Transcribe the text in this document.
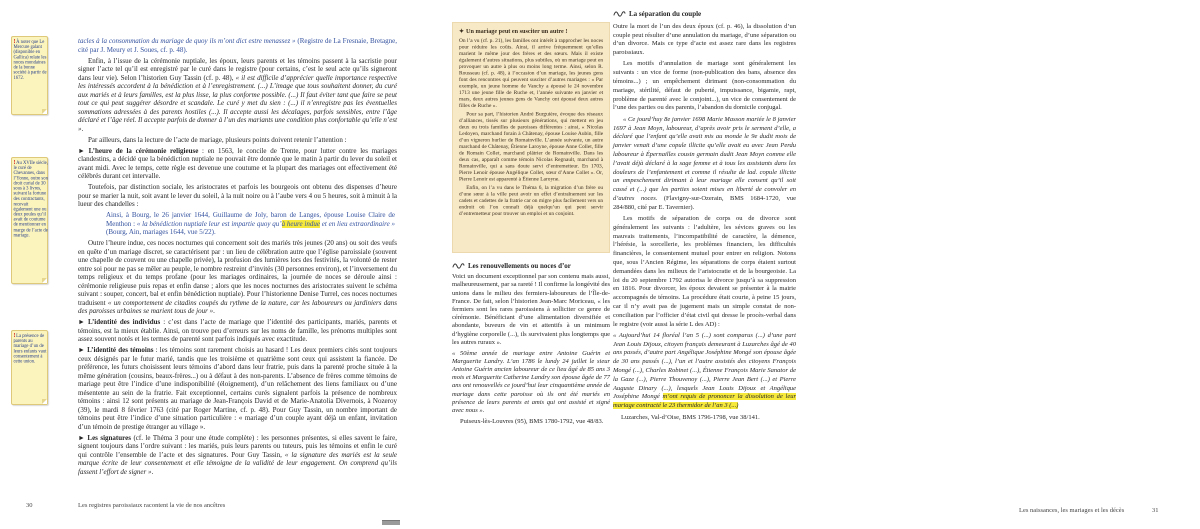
!À noter que Le Mercure galant (disponible en Gallica) relate les noces mondaines de la bonne société à partir de 1672.
!Au XVIIe siècle, le curé de Chevannes, dans l’Yonne, outre son droit curial de 30 sous à 3 livres, suivant la fortune des contractants, recevait également une ou deux poules qu’il avait de coutume de mentionner en marge de l’acte de mariage.
!La présence de parents au mariage d’un de leurs enfants vaut consentement à cette union.
tacles à la consommation du mariage de quoy ils m’ont dict estre menassez » (Registre de La Fresnaie, Bretagne, cité par J. Meury et J. Soues, cf. p. 48).
Enfin, à l’issue de la cérémonie nuptiale, les époux, leurs parents et les témoins passent à la sacristie pour signer l’acte tel qu’il est enregistré par le curé dans le registre (pour certains, c’est le seul acte qu’ils signeront dans leur vie). Selon l’historien Guy Tassin (cf. p. 48), « il est difficile d’apprécier quelle importance respective les intéressés accordent à la bénédiction et à l’enregistrement. (...) L’image que tous souhaitent donner, du curé aux mariés et à leurs familles, est la plus lisse, la plus conforme possible. (...) Il faut éviter tant que faire se peut tout ce qui peut suggérer désordre et scandale. Le curé y met du sien : (...) il n’enregistre pas les éventuelles sommations adressées à des parents hostiles (...). Il accepte aussi les décalages, parfois sensibles, entre l’âge déclaré et l’âge réel. Il accepte parfois de donner à l’un des mariants une condition plus confortable qu’elle n’est ».
Par ailleurs, dans la lecture de l’acte de mariage, plusieurs points doivent retenir l’attention :
► L’heure de la cérémonie religieuse : en 1563, le concile de Trente, pour lutter contre les mariages clandestins, a décidé que la bénédiction nuptiale ne pouvait être donnée que le matin à partir du lever du soleil et avant midi. Avec le temps, cette règle est devenue une coutume et la plupart des mariages ont effectivement été célébrés durant cet intervalle.
Toutefois, par distinction sociale, les aristocrates et parfois les bourgeois ont obtenu des dispenses d’heure pour se marier la nuit, soit avant le lever du soleil, à la nuit noire ou à l’aube vers 4 ou 5 heures, soit à minuit à la lueur des chandelles :
Ainsi, à Bourg, le 26 janvier 1644, Guillaume de Joly, baron de Langes, épouse Louise Claire de Menthon : « la bénédiction nuptiale leur est impartie quoy qu’à heure indue et en lieu extraordinaire » (Bourg, Ain, mariages 1644, vue 5/22).
Outre l’heure indue, ces noces nocturnes qui concernent soit des mariés très jeunes (20 ans) ou soit des veufs en quête d’un mariage discret, se caractérisent par : un lieu de célébration autre que l’église paroissiale (souvent une chapelle de couvent ou une chapelle privée), la profusion des lumières lors des festivités, la volonté de rester entre soi pour ne pas se mêler au peuple, le nombre restreint d’invités (30 personnes environ), et l’inversement du temps religieux et du temps profane (pour les mariages ordinaires, la journée de noces se déroule ainsi : cérémonie religieuse puis repas et enfin danse ; alors que les noces nocturnes des aristocrates suivent le schéma suivant : souper, concert, bal et enfin bénédiction nuptiale). Pour l’historienne Denise Turrel, ces noces nocturnes traduisent « un comportement de citadins coupés du rythme de la nature, car les laboureurs ou jardiniers dans des paroisses urbaines se marient tous de jour ».
► L’identité des individus : c’est dans l’acte de mariage que l’identité des participants, mariés, parents et témoins, est la mieux établie. Ainsi, on trouve peu d’erreurs sur les noms de famille, les prénoms multiples sont assez souvent notés et les termes de parenté sont parfois indiqués avec exactitude.
► L’identité des témoins : les témoins sont rarement choisis au hasard ! Les deux premiers cités sont toujours ceux désignés par le futur marié, tandis que les troisième et quatrième sont ceux qui assistent la fiancée. De préférence, les futurs choisissent leurs témoins d’abord dans leur fratrie, puis dans la parenté proche située à la même génération (cousins, beaux-frères...) ou à défaut à des non-parents. L’absence de frères comme témoins de mariage peut être l’indice d’une indisponibilité (éloignement), d’un relâchement des liens familiaux ou d’une mésentente au sein de la fratrie. Fait exceptionnel, certains curés signalent parfois la présence de nombreux témoins : ainsi 12 sont présents au mariage de Jean-François David et de Marie-Anatolia Divernois, à Nozeroy (39), le mardi 8 février 1763 (cité par Roger Martine, cf. p. 48). Pour Guy Tassin, un nombre important de témoins peut être l’indice d’une situation particulière : « mariage d’un couple ayant déjà un enfant, invitation d’un témoin de prestige étranger au village ».
► Les signatures (cf. le Théma 3 pour une étude complète) : les personnes présentes, si elles savent le faire, signent toujours dans l’ordre suivant : les mariés, puis leurs parents ou tuteurs, puis les témoins et enfin le curé qui contrôle l’ensemble de l’acte et des signatures. Pour Guy Tassin, « la signature des mariés est la seule marque écrite de leur consentement et elle témoigne de la validité de leur engagement. On comprend qu’ils fassent l’effort de signer ».
30	Les registres paroissiaux racontent la vie de nos ancêtres
✦ Un mariage peut en susciter un autre !
On l’a vu (cf. p. 21), les familles ont intérêt à rapprocher les noces pour réduire les coûts. Ainsi, il arrive fréquemment qu’elles marient le même jour des frères et des sœurs. Mais il existe également d’autres situations, plus subtiles, où un mariage peut en provoquer un autre à plus ou moins long terme. Ainsi, selon R. Rousseau (cf. p. 48), à l’occasion d’un mariage, les jeunes gens font des rencontres qui peuvent susciter d’autres mariages : « Par exemple, un jeune homme de Vanchy a épousé le 24 novembre 1713 une jeune fille de Ruche et, l’année suivante en janvier et mars, deux autres jeunes gens de Vanchy ont épousé deux autres filles de Ruche ».
Pour sa part, l’historien André Burguière, évoque des réseaux d’alliances, tissés sur plusieurs générations, qui mettent en jeu deux ou trois familles de paroisses différentes : ainsi, « Nicolas Ledoyen, marchand forain à Châtenay, épouse Louise Aubin, fille d’un vigneron hurlier de Romainville. L’année suivante, un autre marchand de Châtenay, Étienne Laroyne, épouse Anne Collet, fille de Romain Collet, marchand plâtrier de Romainville. Dans les deux cas, apparaît comme témoin Nicolas Regnault, marchand à Romainville, qui a sans doute servi d’entremetteur. En 1703, Pierre Lenoir épouse Angélique Collet, sœur d’Anne Collet ». Or, Pierre Lenoir est apparenté à Étienne Laroyne.
Enfin, on l’a vu dans le Théma 6, la migration d’un frère ou d’une sœur à la ville peut avoir un effet d’entraînement sur les cadets et cadettes de la fratrie car on migre plus facilement vers un endroit où l’on connaît déjà quelqu’un qui peut servir d’entremetteur pour trouver un emploi et un conjoint.
Les renouvellements ou noces d’or
Voici un document exceptionnel par son contenu mais aussi, malheureusement, par sa rareté ! Il confirme la longévité des unions dans le milieu des fermiers-laboureurs de l’Île-de-France. De fait, selon l’historien Jean-Marc Moriceau, « les fermiers sont les rares paroissiens à solliciter ce genre de cérémonie. Bénéficiant d’une alimentation diversifiée et abondante, buveurs de vin et attentifs à un minimum d’hygiène corporelle (...), ils survivaient plus longtemps que les autres ruraux ».
« 50ème année de mariage entre Antoine Guérin et Marguerite Landry. L’an 1786 le lundy 24 juillet le sieur Antoine Guérin ancien laboureur de ce lieu âgé de 85 ans 3 mois et Marguerite Catherine Landry son épouse âgée de 77 ans ont renouvellés ce jourd’hui leur cinquantième année de mariage dans cette paroisse où ils ont été mariés en présence de leurs parents et amis qui ont assisté et signé avec nous ».
Puiseux-lès-Louvres (95), BMS 1780-1792, vue 48/83.
La séparation du couple
Outre la mort de l’un des deux époux (cf. p. 46), la dissolution d’un couple peut résulter d’une annulation du mariage, d’une séparation ou d’un divorce. Mais ce type d’acte est assez rare dans les registres paroissiaux.
Les motifs d’annulation de mariage sont généralement les suivants : un vice de forme (non-publication des bans, absence des témoins...) ; un empêchement dirimant (non-consommation du mariage, stérilité, défaut de puberté, impuissance, bigamie, rapt, problème de parenté avec le conjoint...), un vice de consentement de l’une des parties ou des parents, l’abandon du domicile conjugal.
« Ce jourd’huy 8e janvier 1698 Marie Masson mariée le 8 janvier 1697 à Jean Moyn, laboureur, d’après avoir pris le serment d’elle, a déclaré que l’enfant qu’elle avait mis au monde le 9e dudit mois de janvier venait d’une copule illicite qu’elle avait eu avec Jean Perdu laboureur à Épernailles cousin germain dudit Jean Moyn comme elle l’avait déjà déclaré à la sage femme et à tous les assistants dans les douleurs de l’enfantement et comme il résulte de lad. copule illicite un empeschement dirimant à leur mariage elle consent qu’il soit cassé et (...) que les parties soient mises en liberté de convoler en d’autres noces. (Flavigny-sur-Ozerain, BMS 1684-1720, vue 284/880, cité par E. Tavernier).
Les motifs de séparation de corps ou de divorce sont généralement les suivants : l’adultère, les sévices graves ou les mauvais traitements, l’incompatibilité de caractère, la démence, l’hérésie, la sorcellerie, les problèmes financiers, les difficultés financières, le consentement mutuel pour entrer en religion. Notons que, sous l’Ancien Régime, les séparations de corps étaient surtout demandées dans les milieux de l’aristocratie et de la bourgeoisie. La loi du 20 septembre 1792 autorisa le divorce jusqu’à sa suppression en 1816. Pour divorcer, les époux devaient se présenter à la mairie accompagnés de témoins. La procédure était courte, à peine 15 jours, car il n’y avait pas de jugement mais un simple constat de non-conciliation par l’officier d’état civil qui dresse le procès-verbal dans le registre (voir aussi la série L des AD) :
« Aujourd’hui 14 floréal l’an 5 (...) sont comparus (...) d’une part Jean Louis Dijoux, citoyen français demeurant à Luzarches âgé de 40 ans passés, d’autre part Angélique Joséphine Mongé son épouse âgée de 30 ans passés (...), l’un et l’autre assistés des citoyens François Mongé (...), Charles Robinet (...), Étienne François Marie Sanator de la Gaze (...), Pierre Thouvenoy (...), Pierre Jean Bert (...) et Pierre Auguste Dinary (...), lesquels Jean Louis Dijoux et Angélique Joséphine Mongé m’ont requis de prononcer la dissolution de leur mariage contracté le 23 thermidor de l’an 3 (...)
Luzarches, Val-d’Oise, BMS 1796-1798, vue 38/141.
Les naissances, les mariages et les décès	31
